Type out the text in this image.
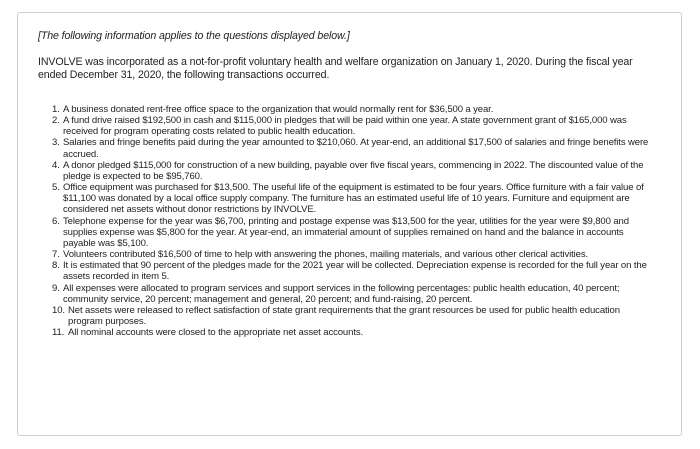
[The following information applies to the questions displayed below.]
INVOLVE was incorporated as a not-for-profit voluntary health and welfare organization on January 1, 2020. During the fiscal year ended December 31, 2020, the following transactions occurred.
1. A business donated rent-free office space to the organization that would normally rent for $36,500 a year.
2. A fund drive raised $192,500 in cash and $115,000 in pledges that will be paid within one year. A state government grant of $165,000 was received for program operating costs related to public health education.
3. Salaries and fringe benefits paid during the year amounted to $210,060. At year-end, an additional $17,500 of salaries and fringe benefits were accrued.
4. A donor pledged $115,000 for construction of a new building, payable over five fiscal years, commencing in 2022. The discounted value of the pledge is expected to be $95,760.
5. Office equipment was purchased for $13,500. The useful life of the equipment is estimated to be four years. Office furniture with a fair value of $11,100 was donated by a local office supply company. The furniture has an estimated useful life of 10 years. Furniture and equipment are considered net assets without donor restrictions by INVOLVE.
6. Telephone expense for the year was $6,700, printing and postage expense was $13,500 for the year, utilities for the year were $9,800 and supplies expense was $5,800 for the year. At year-end, an immaterial amount of supplies remained on hand and the balance in accounts payable was $5,100.
7. Volunteers contributed $16,500 of time to help with answering the phones, mailing materials, and various other clerical activities.
8. It is estimated that 90 percent of the pledges made for the 2021 year will be collected. Depreciation expense is recorded for the full year on the assets recorded in item 5.
9. All expenses were allocated to program services and support services in the following percentages: public health education, 40 percent; community service, 20 percent; management and general, 20 percent; and fund-raising, 20 percent.
10. Net assets were released to reflect satisfaction of state grant requirements that the grant resources be used for public health education program purposes.
11. All nominal accounts were closed to the appropriate net asset accounts.
